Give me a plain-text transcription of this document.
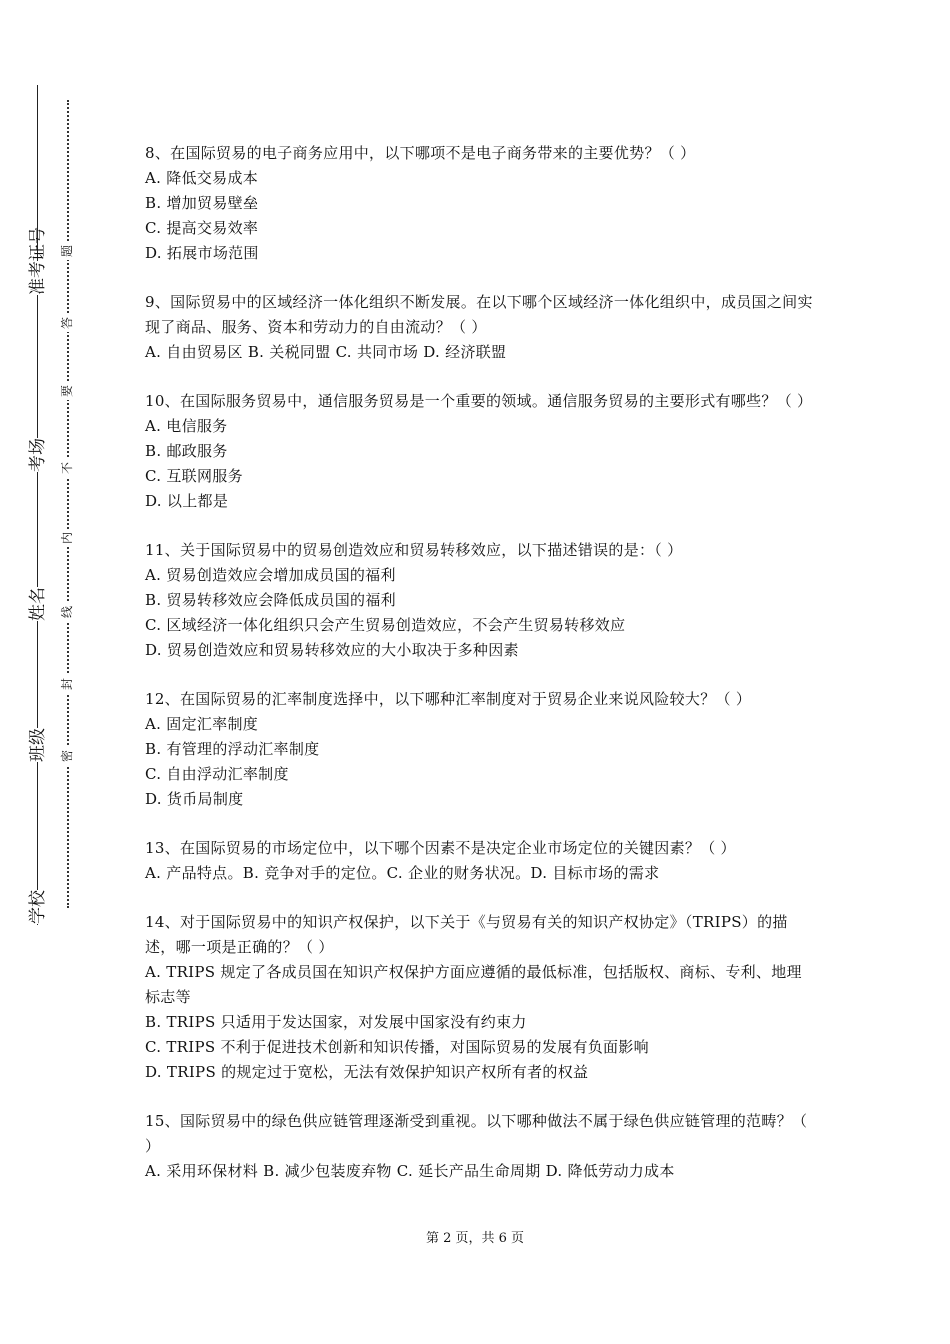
准考证号
考场
姓名
班级
学校
题
答
要
不
内
线
封
密

8、在国际贸易的电子商务应用中，以下哪项不是电子商务带来的主要优势？（ ）

A. 降低交易成本

B. 增加贸易壁垒

C. 提高交易效率

D. 拓展市场范围

9、国际贸易中的区域经济一体化组织不断发展。在以下哪个区域经济一体化组织中，成员国之间实现了商品、服务、资本和劳动力的自由流动？（ ）

A. 自由贸易区 B. 关税同盟 C. 共同市场 D. 经济联盟

10、在国际服务贸易中，通信服务贸易是一个重要的领域。通信服务贸易的主要形式有哪些？（ ）

A. 电信服务

B. 邮政服务

C. 互联网服务

D. 以上都是

11、关于国际贸易中的贸易创造效应和贸易转移效应，以下描述错误的是：（ ）

A. 贸易创造效应会增加成员国的福利

B. 贸易转移效应会降低成员国的福利

C. 区域经济一体化组织只会产生贸易创造效应，不会产生贸易转移效应

D. 贸易创造效应和贸易转移效应的大小取决于多种因素

12、在国际贸易的汇率制度选择中，以下哪种汇率制度对于贸易企业来说风险较大？（ ）

A. 固定汇率制度

B. 有管理的浮动汇率制度

C. 自由浮动汇率制度

D. 货币局制度

13、在国际贸易的市场定位中，以下哪个因素不是决定企业市场定位的关键因素？（ ）

A. 产品特点。B. 竞争对手的定位。C. 企业的财务状况。D. 目标市场的需求

14、对于国际贸易中的知识产权保护，以下关于《与贸易有关的知识产权协定》（TRIPS）的描述，哪一项是正确的？（ ）

A. TRIPS 规定了各成员国在知识产权保护方面应遵循的最低标准，包括版权、商标、专利、地理标志等

B. TRIPS 只适用于发达国家，对发展中国家没有约束力

C. TRIPS 不利于促进技术创新和知识传播，对国际贸易的发展有负面影响

D. TRIPS 的规定过于宽松，无法有效保护知识产权所有者的权益

15、国际贸易中的绿色供应链管理逐渐受到重视。以下哪种做法不属于绿色供应链管理的范畴？（ ）

A. 采用环保材料 B. 减少包装废弃物 C. 延长产品生命周期 D. 降低劳动力成本

第 2 页，共 6 页
